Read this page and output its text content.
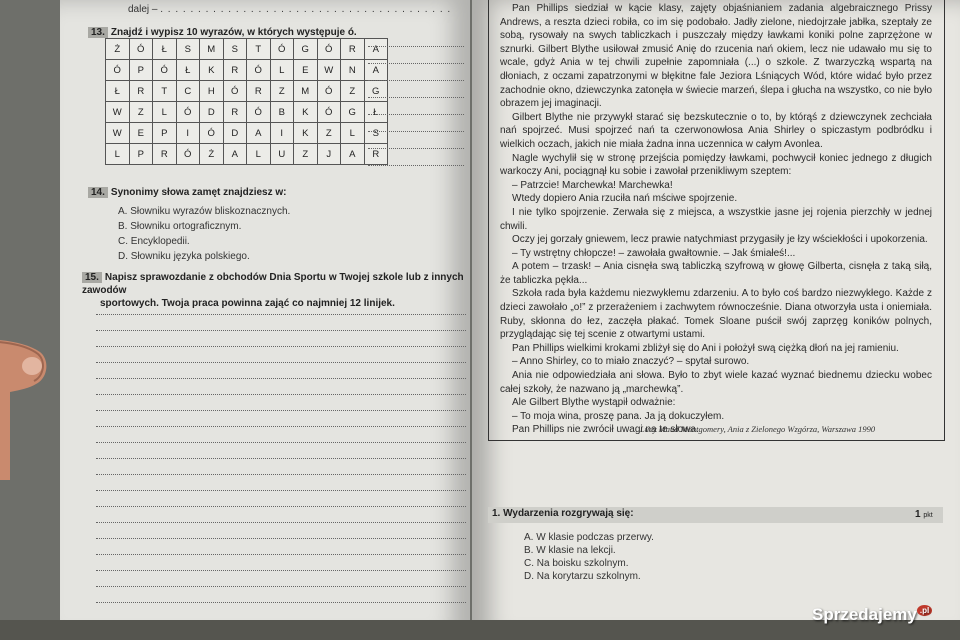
dalej – . . . . . . . . . . . . . . . . . . . . . . . . . . . . . . . . . . . . . . .
13. Znajdź i wypisz 10 wyrazów, w których występuje ó.
Ż	Ó	Ł	S	M	S	T	Ó	G	Ó	R	A
Ó	P	Ó	Ł	K	R	Ó	L	E	W	N	A
Ł	R	T	C	H	Ó	R	Z	M	Ó	Z	G
W	Z	L	Ó	D	R	Ó	B	K	Ó	G	Ł
W	E	P	I	Ó	D	A	I	K	Z	L	S
L	P	R	Ó	Ż	A	L	U	Z	J	A	R
14. Synonimy słowa zamęt znajdziesz w:
A. Słowniku wyrazów bliskoznacznych.
B. Słowniku ortograficznym.
C. Encyklopedii.
D. Słowniku języka polskiego.
15. Napisz sprawozdanie z obchodów Dnia Sportu w Twojej szkole lub z innych zawodów
sportowych. Twoja praca powinna zająć co najmniej 12 linijek.

Pan Phillips siedział w kącie klasy, zajęty objaśnianiem zadania algebraicznego Prissy Andrews, a reszta dzieci robiła, co im się podobało. Jadły zielone, niedojrzałe jabłka, szeptały ze sobą, rysowały na swych tabliczkach i puszczały między ławkami koniki polne zaprzężone w sznurki. Gilbert Blythe usiłował zmusić Anię do rzucenia nań okiem, lecz nie udawało mu się to wcale, gdyż Ania w tej chwili zupełnie zapomniała (...) o szkole. Z twarzyczką wspartą na dłoniach, z oczami zapatrzonymi w błękitne fale Jeziora Lśniących Wód, które widać było przez zachodnie okno, dziewczynka zatonęła w świecie marzeń, ślepa i głucha na wszystko, co nie było obrazem jej imaginacji.

Gilbert Blythe nie przywykł starać się bezskutecznie o to, by którąś z dziewczynek zechciała nań spojrzeć. Musi spojrzeć nań ta czerwonowłosa Ania Shirley o spiczastym podbródku i wielkich oczach, jakich nie miała żadna inna uczennica w całym Avonlea.

Nagle wychylił się w stronę przejścia pomiędzy ławkami, pochwycił koniec jednego z długich warkoczy Ani, pociągnął ku sobie i zawołał przenikliwym szeptem:

– Patrzcie! Marchewka! Marchewka!

Wtedy dopiero Ania rzuciła nań mściwe spojrzenie.

I nie tylko spojrzenie. Zerwała się z miejsca, a wszystkie jasne jej rojenia pierzchły w jednej chwili.

Oczy jej gorzały gniewem, lecz prawie natychmiast przygasiły je łzy wściekłości i upokorzenia.

– Ty wstrętny chłopcze! – zawołała gwałtownie. – Jak śmiałeś!...

A potem – trzask! – Ania cisnęła swą tabliczką szyfrową w głowę Gilberta, cisnęła z taką siłą, że tabliczka pękła...

Szkoła rada była każdemu niezwykłemu zdarzeniu. A to było coś bardzo niezwykłego. Każde z dzieci zawołało „o!” z przerażeniem i zachwytem równocześnie. Diana otworzyła usta i oniemiała. Ruby, skłonna do łez, zaczęła płakać. Tomek Sloane puścił swój zaprzęg koników polnych, przyglądając się tej scenie z otwartymi ustami.

Pan Phillips wielkimi krokami zbliżył się do Ani i położył swą ciężką dłoń na jej ramieniu.

– Anno Shirley, co to miało znaczyć? – spytał surowo.

Ania nie odpowiedziała ani słowa. Było to zbyt wiele kazać wyznać biednemu dziecku wobec całej szkoły, że nazwano ją „marchewką”.

Ale Gilbert Blythe wystąpił odważnie:

– To moja wina, proszę pana. Ja ją dokuczyłem.

Pan Phillips nie zwrócił uwagi na te słowa.

Lucy Maud Montgomery, Ania z Zielonego Wzgórza, Warszawa 1990
1. Wydarzenia rozgrywają się:	1 pkt
A. W klasie podczas przerwy.
B. W klasie na lekcji.
C. Na boisku szkolnym.
D. Na korytarzu szkolnym.
Sprzedajemy $^{.pl}$
